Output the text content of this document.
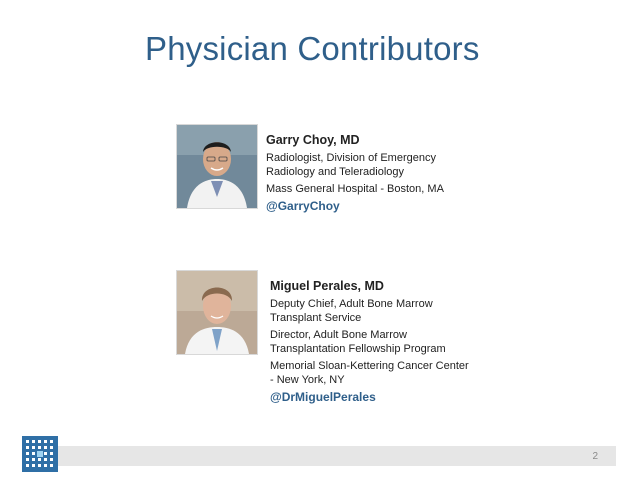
Physician Contributors
Garry Choy, MD
Radiologist, Division of Emergency Radiology and Teleradiology
Mass General Hospital - Boston, MA
@GarryChoy
Miguel Perales, MD
Deputy Chief, Adult Bone Marrow Transplant Service
Director, Adult Bone Marrow Transplantation Fellowship Program
Memorial Sloan-Kettering Cancer Center - New York, NY
@DrMiguelPerales
2
